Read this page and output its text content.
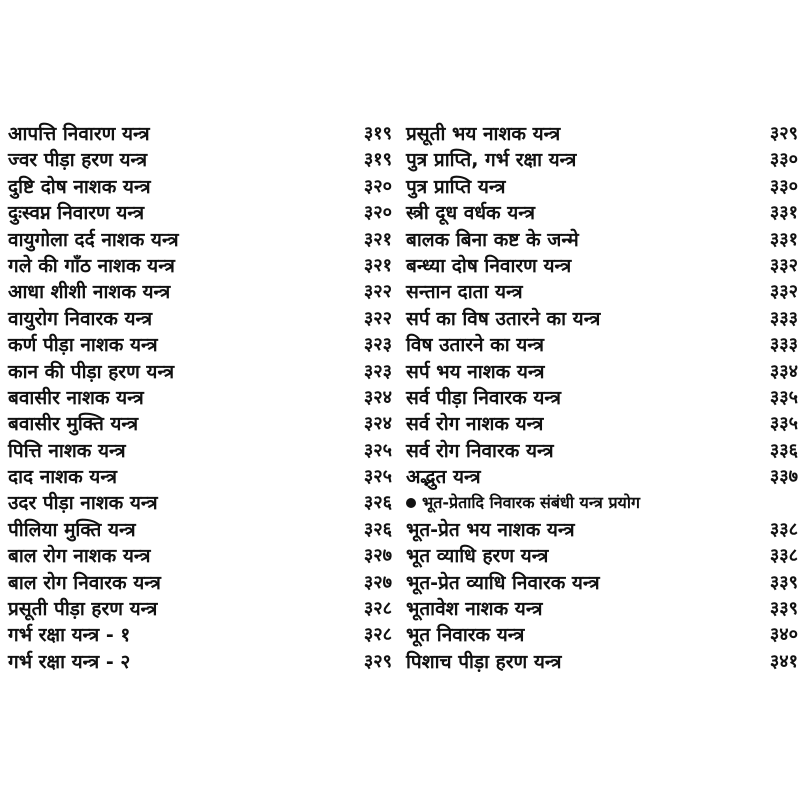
आपत्ति निवारण यन्त्र	३१९
ज्वर पीड़ा हरण यन्त्र	३१९
दुष्टि दोष नाशक यन्त्र	३२०
दुःस्वप्न निवारण यन्त्र	३२०
वायुगोला दर्द नाशक यन्त्र	३२१
गले की गाँठ नाशक यन्त्र	३२१
आधा शीशी नाशक यन्त्र	३२२
वायुरोग निवारक यन्त्र	३२२
कर्ण पीड़ा नाशक यन्त्र	३२३
कान की पीड़ा हरण यन्त्र	३२३
बवासीर नाशक यन्त्र	३२४
बवासीर मुक्ति यन्त्र	३२४
पित्ति नाशक यन्त्र	३२५
दाद नाशक यन्त्र	३२५
उदर पीड़ा नाशक यन्त्र	३२६
पीलिया मुक्ति यन्त्र	३२६
बाल रोग नाशक यन्त्र	३२७
बाल रोग निवारक यन्त्र	३२७
प्रसूती पीड़ा हरण यन्त्र	३२८
गर्भ रक्षा यन्त्र - १	३२८
गर्भ रक्षा यन्त्र - २	३२९
प्रसूती भय नाशक यन्त्र	३२९
पुत्र प्राप्ति, गर्भ रक्षा यन्त्र	३३०
पुत्र प्राप्ति यन्त्र	३३०
स्त्री दूध वर्धक यन्त्र	३३१
बालक बिना कष्ट के जन्मे	३३१
बन्ध्या दोष निवारण यन्त्र	३३२
सन्तान दाता यन्त्र	३३२
सर्प का विष उतारने का यन्त्र	३३३
विष उतारने का यन्त्र	३३३
सर्प भय नाशक यन्त्र	३३४
सर्व पीड़ा निवारक यन्त्र	३३५
सर्व रोग नाशक यन्त्र	३३५
सर्व रोग निवारक यन्त्र	३३६
अद्भुत यन्त्र	३३७
भूत-प्रेतादि निवारक संबंधी यन्त्र प्रयोग
भूत-प्रेत भय नाशक यन्त्र	३३८
भूत व्याधि हरण यन्त्र	३३८
भूत-प्रेत व्याधि निवारक यन्त्र	३३९
भूतावेश नाशक यन्त्र	३३९
भूत निवारक यन्त्र	३४०
पिशाच पीड़ा हरण यन्त्र	३४१
